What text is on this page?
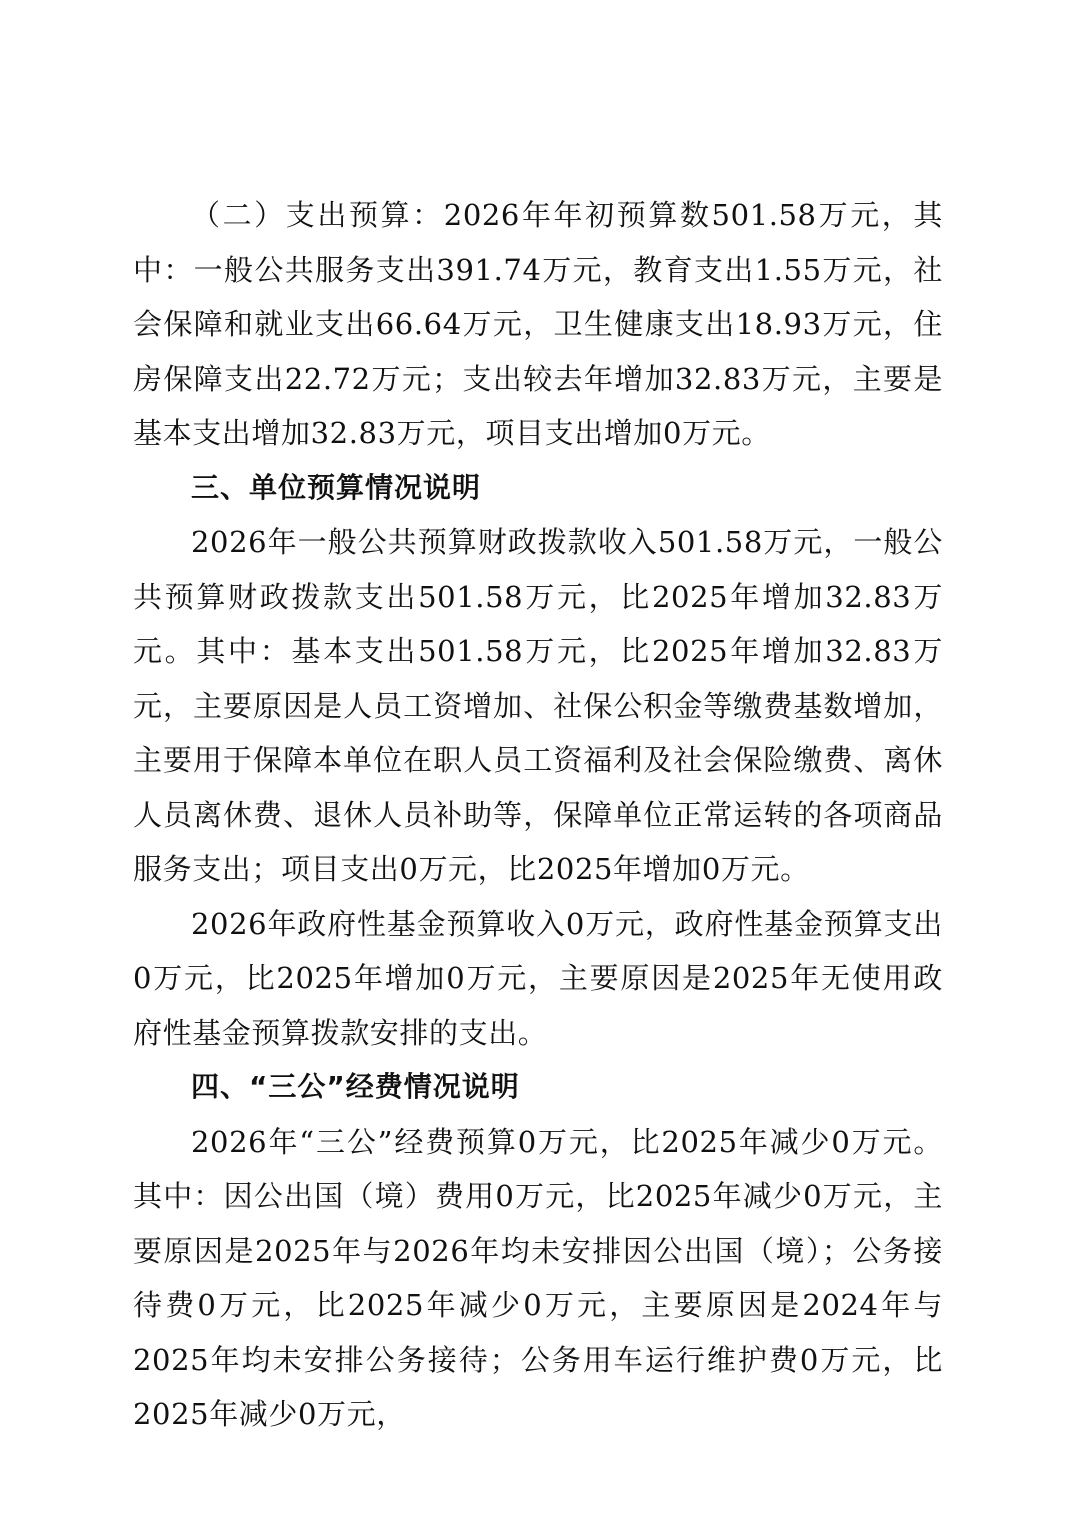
（二）支出预算：2026年年初预算数501.58万元，其中：一般公共服务支出391.74万元，教育支出1.55万元，社会保障和就业支出66.64万元，卫生健康支出18.93万元，住房保障支出22.72万元；支出较去年增加32.83万元，主要是基本支出增加32.83万元，项目支出增加0万元。

三、单位预算情况说明

2026年一般公共预算财政拨款收入501.58万元，一般公共预算财政拨款支出501.58万元，比2025年增加32.83万元。其中：基本支出501.58万元，比2025年增加32.83万元，主要原因是人员工资增加、社保公积金等缴费基数增加，主要用于保障本单位在职人员工资福利及社会保险缴费、离休人员离休费、退休人员补助等，保障单位正常运转的各项商品服务支出；项目支出0万元，比2025年增加0万元。

2026年政府性基金预算收入0万元，政府性基金预算支出0万元，比2025年增加0万元，主要原因是2025年无使用政府性基金预算拨款安排的支出。

四、“三公”经费情况说明

2026年“三公”经费预算0万元，比2025年减少0万元。其中：因公出国（境）费用0万元，比2025年减少0万元，主要原因是2025年与2026年均未安排因公出国（境）；公务接待费0万元，比2025年减少0万元，主要原因是2024年与2025年均未安排公务接待；公务用车运行维护费0万元，比2025年减少0万元，
